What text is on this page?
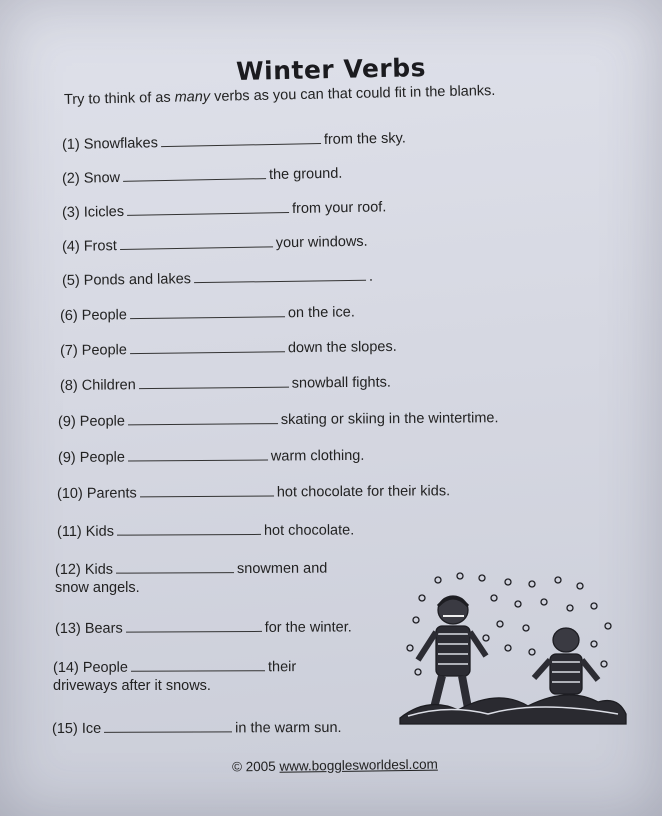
Winter Verbs
Try to think of as many verbs as you can that could fit in the blanks.
(1) Snowflakes	from the sky.
(2) Snow	the ground.
(3) Icicles	from your roof.
(4) Frost	your windows.
(5) Ponds and lakes	.
(6) People	on the ice.
(7) People	down the slopes.
(8) Children	snowball fights.
(9) People	skating or skiing in the wintertime.
(9) People	warm clothing.
(10) Parents	hot chocolate for their kids.
(11) Kids	hot chocolate.
(12) Kids	snowmen and
snow angels.
(13) Bears	for the winter.
(14) People	their
driveways after it snows.
(15) Ice	in the warm sun.
© 2005 www.bogglesworldesl.com
